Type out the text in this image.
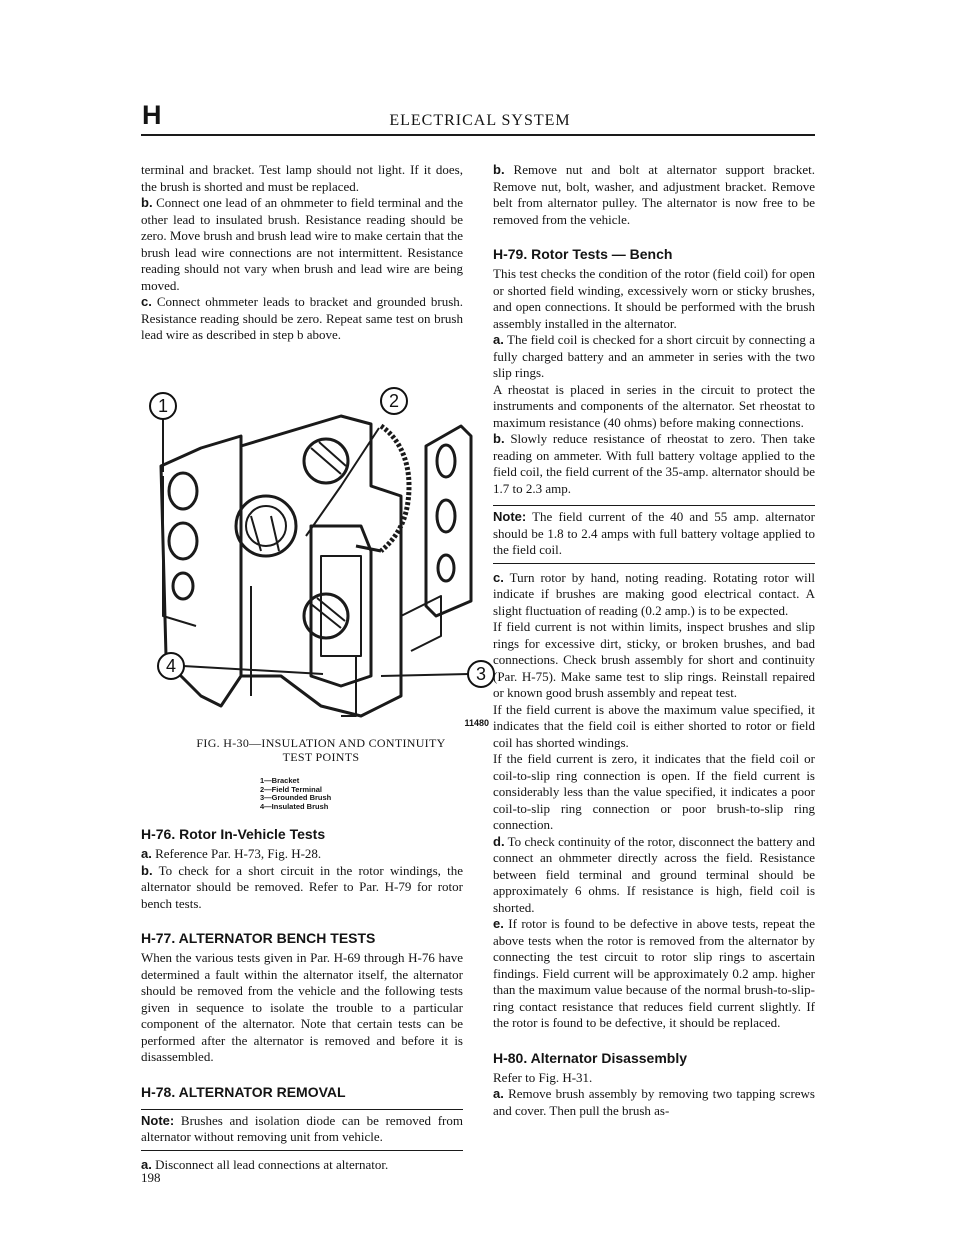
H	ELECTRICAL SYSTEM

terminal and bracket. Test lamp should not light. If it does, the brush is shorted and must be replaced.

b. Connect one lead of an ohmmeter to field terminal and the other lead to insulated brush. Resistance reading should be zero. Move brush and brush lead wire to make certain that the brush lead wire connections are not intermittent. Resistance reading should not vary when brush and lead wire are being moved.

c. Connect ohmmeter leads to bracket and grounded brush. Resistance reading should be zero. Repeat same test on brush lead wire as described in step b above.

1	2
3
4
11480
FIG. H-30—INSULATION AND CONTINUITY
TEST POINTS
1—Bracket
2—Field Terminal
3—Grounded Brush
4—Insulated Brush
H-76. Rotor In-Vehicle Tests

a. Reference Par. H-73, Fig. H-28.

b. To check for a short circuit in the rotor windings, the alternator should be removed. Refer to Par. H-79 for rotor bench tests.

H-77. ALTERNATOR BENCH TESTS

When the various tests given in Par. H-69 through H-76 have determined a fault within the alternator itself, the alternator should be removed from the vehicle and the following tests given in sequence to isolate the trouble to a particular component of the alternator. Note that certain tests can be performed after the alternator is removed and before it is disassembled.

H-78. ALTERNATOR REMOVAL

Note: Brushes and isolation diode can be removed from alternator without removing unit from vehicle.

a. Disconnect all lead connections at alternator.

b. Remove nut and bolt at alternator support bracket. Remove nut, bolt, washer, and adjustment bracket. Remove belt from alternator pulley. The alternator is now free to be removed from the vehicle.

H-79. Rotor Tests — Bench

This test checks the condition of the rotor (field coil) for open or shorted field winding, excessively worn or sticky brushes, and open connections. It should be performed with the brush assembly installed in the alternator.

a. The field coil is checked for a short circuit by connecting a fully charged battery and an ammeter in series with the two slip rings.

A rheostat is placed in series in the circuit to protect the instruments and components of the alternator. Set rheostat to maximum resistance (40 ohms) before making connections.

b. Slowly reduce resistance of rheostat to zero. Then take reading on ammeter. With full battery voltage applied to the field coil, the field current of the 35-amp. alternator should be 1.7 to 2.3 amp.

Note: The field current of the 40 and 55 amp. alternator should be 1.8 to 2.4 amps with full battery voltage applied to the field coil.

c. Turn rotor by hand, noting reading. Rotating rotor will indicate if brushes are making good electrical contact. A slight fluctuation of reading (0.2 amp.) is to be expected.

If field current is not within limits, inspect brushes and slip rings for excessive dirt, sticky, or broken brushes, and bad connections. Check brush assembly for short and continuity (Par. H-75). Make same test to slip rings. Reinstall repaired or known good brush assembly and repeat test.

If the field current is above the maximum value specified, it indicates that the field coil is either shorted to rotor or field coil has shorted windings.

If the field current is zero, it indicates that the field coil or coil-to-slip ring connection is open. If the field current is considerably less than the value specified, it indicates a poor coil-to-slip ring connection or poor brush-to-slip ring connection.

d. To check continuity of the rotor, disconnect the battery and connect an ohmmeter directly across the field. Resistance between field terminal and ground terminal should be approximately 6 ohms. If resistance is high, field coil is shorted.

e. If rotor is found to be defective in above tests, repeat the above tests when the rotor is removed from the alternator by connecting the test circuit to rotor slip rings to ascertain findings. Field current will be approximately 0.2 amp. higher than the maximum value because of the normal brush-to-slip-ring contact resistance that reduces field current slightly. If the rotor is found to be defective, it should be replaced.

H-80. Alternator Disassembly

Refer to Fig. H-31.

a. Remove brush assembly by removing two tapping screws and cover. Then pull the brush as-

198
